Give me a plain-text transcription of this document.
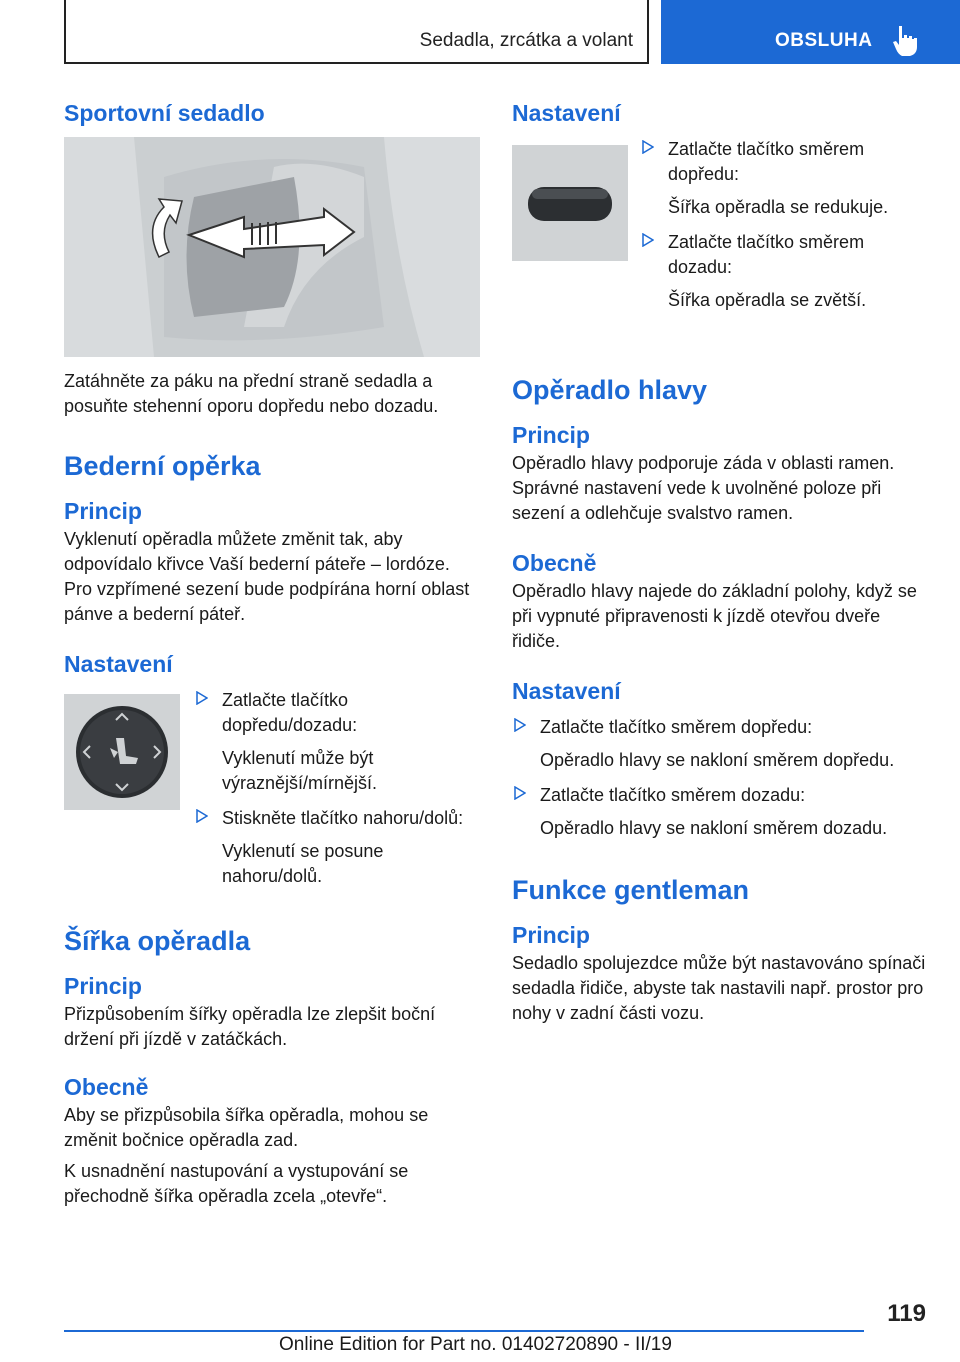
Sedadla, zrcátka a volant	OBSLUHA
Sportovní sedadlo
Zatáhněte za páku na přední straně sedadla a posuňte stehenní oporu dopředu nebo dozadu.
Bederní opěrka
Princip
Vyklenutí opěradla můžete změnit tak, aby odpovídalo křivce Vaší bederní páteře – lordóze. Pro vzpřímené sezení bude podpírána horní oblast pánve a bederní páteř.
Nastavení
Zatlačte tlačítko dopředu/dozadu:
Vyklenutí může být výraznější/mírnější.
Stiskněte tlačítko nahoru/dolů:
Vyklenutí se posune nahoru/dolů.
Šířka opěradla
Princip
Přizpůsobením šířky opěradla lze zlepšit boční držení při jízdě v zatáčkách.
Obecně
Aby se přizpůsobila šířka opěradla, mohou se změnit bočnice opěradla zad.
K usnadnění nastupování a vystupování se přechodně šířka opěradla zcela „otevře“.
Nastavení
Zatlačte tlačítko směrem dopředu:
Šířka opěradla se redukuje.
Zatlačte tlačítko směrem dozadu:
Šířka opěradla se zvětší.
Opěradlo hlavy
Princip
Opěradlo hlavy podporuje záda v oblasti ramen. Správné nastavení vede k uvolněné poloze při sezení a odlehčuje svalstvo ramen.
Obecně
Opěradlo hlavy najede do základní polohy, když se při vypnuté připravenosti k jízdě otevřou dveře řidiče.
Nastavení
Zatlačte tlačítko směrem dopředu:
Opěradlo hlavy se nakloní směrem dopředu.
Zatlačte tlačítko směrem dozadu:
Opěradlo hlavy se nakloní směrem dozadu.
Funkce gentleman
Princip
Sedadlo spolujezdce může být nastavováno spínači sedadla řidiče, abyste tak nastavili např. prostor pro nohy v zadní části vozu.
119
Online Edition for Part no. 01402720890 - II/19
